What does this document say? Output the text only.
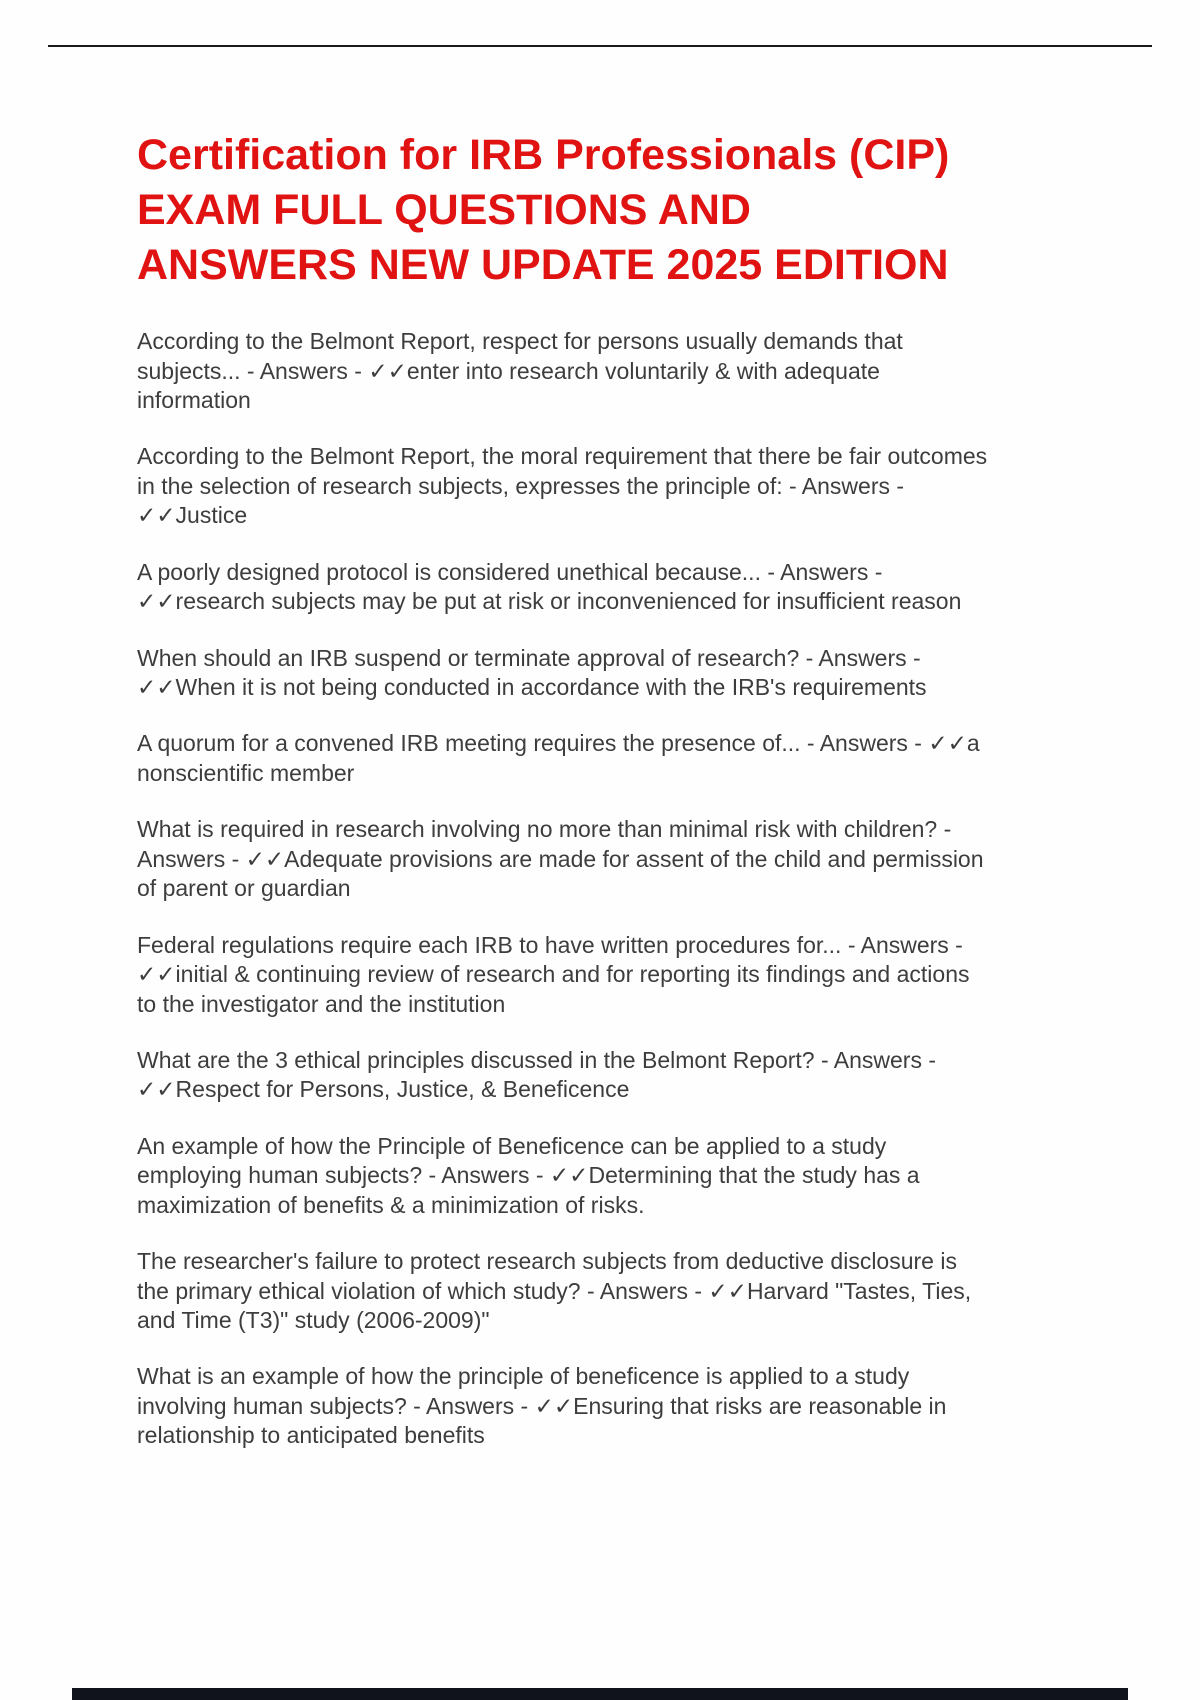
Certification for IRB Professionals (CIP)
EXAM FULL QUESTIONS AND
ANSWERS NEW UPDATE 2025 EDITION

According to the Belmont Report, respect for persons usually demands that subjects... - Answers - ✓✓enter into research voluntarily & with adequate information

According to the Belmont Report, the moral requirement that there be fair outcomes in the selection of research subjects, expresses the principle of: - Answers - ✓✓Justice

A poorly designed protocol is considered unethical because... - Answers - ✓✓research subjects may be put at risk or inconvenienced for insufficient reason

When should an IRB suspend or terminate approval of research? - Answers - ✓✓When it is not being conducted in accordance with the IRB's requirements

A quorum for a convened IRB meeting requires the presence of... - Answers - ✓✓a nonscientific member

What is required in research involving no more than minimal risk with children? - Answers - ✓✓Adequate provisions are made for assent of the child and permission of parent or guardian

Federal regulations require each IRB to have written procedures for... - Answers - ✓✓initial & continuing review of research and for reporting its findings and actions to the investigator and the institution

What are the 3 ethical principles discussed in the Belmont Report? - Answers - ✓✓Respect for Persons, Justice, & Beneficence

An example of how the Principle of Beneficence can be applied to a study employing human subjects? - Answers - ✓✓Determining that the study has a maximization of benefits & a minimization of risks.

The researcher's failure to protect research subjects from deductive disclosure is the primary ethical violation of which study? - Answers - ✓✓Harvard "Tastes, Ties, and Time (T3)" study (2006-2009)"

What is an example of how the principle of beneficence is applied to a study involving human subjects? - Answers - ✓✓Ensuring that risks are reasonable in relationship to anticipated benefits
